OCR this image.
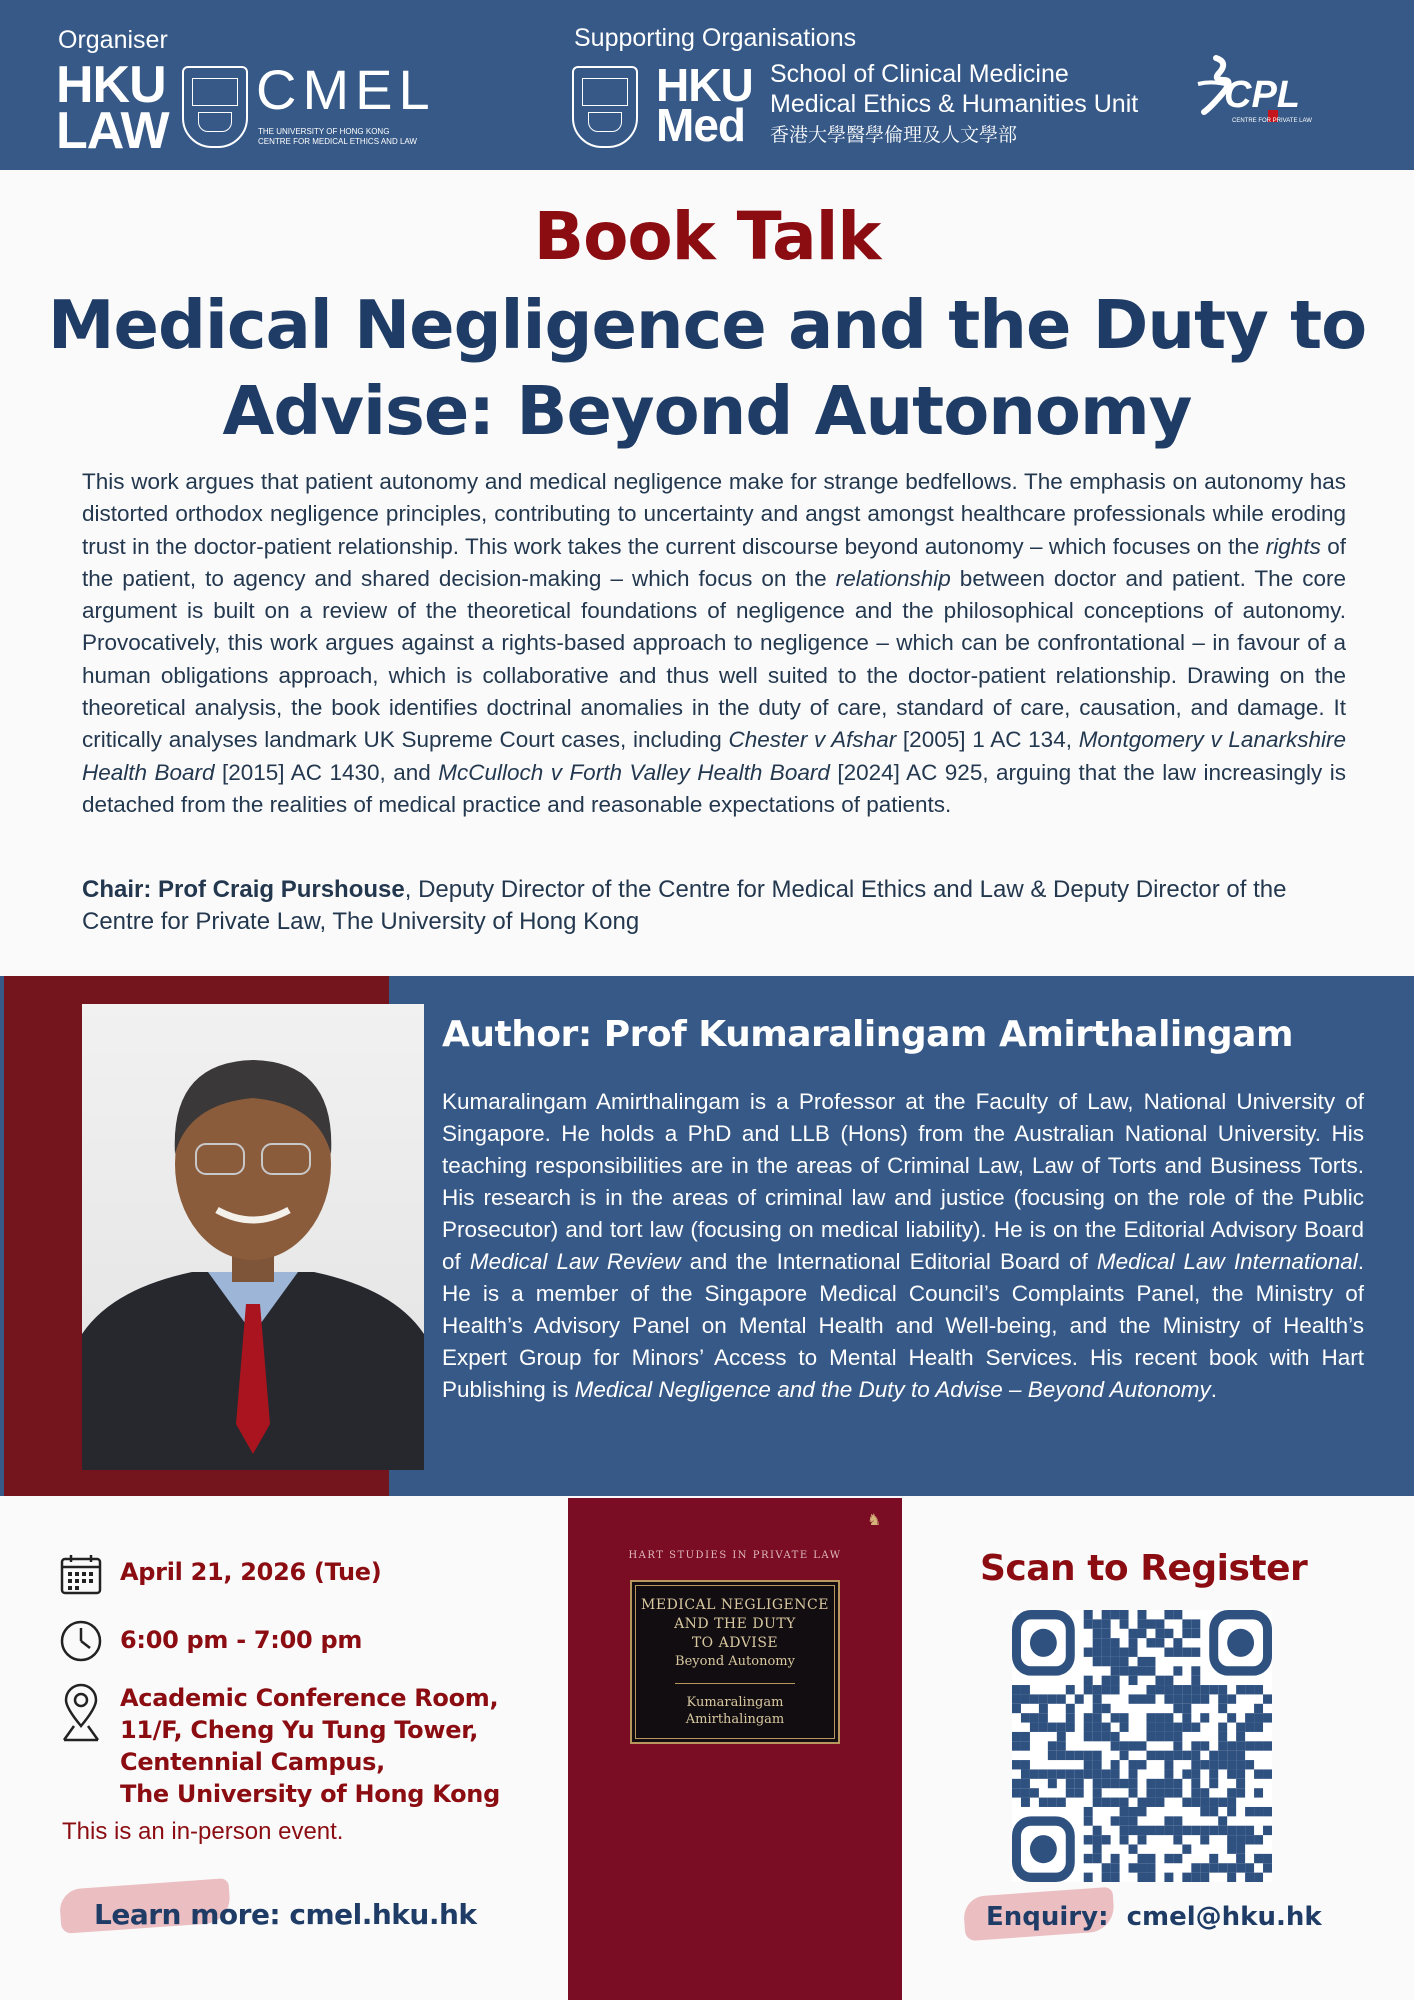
Organiser
HKU
LAW
CMEL
THE UNIVERSITY OF HONG KONG
CENTRE FOR MEDICAL ETHICS AND LAW
Supporting Organisations
HKU
Med
School of Clinical Medicine
Medical Ethics & Humanities Unit
香港大學醫學倫理及人文學部
CPL
CENTRE FOR PRIVATE LAW
Book Talk
Medical Negligence and the Duty to Advise: Beyond Autonomy
This work argues that patient autonomy and medical negligence make for strange bedfellows. The emphasis on autonomy has distorted orthodox negligence principles, contributing to uncertainty and angst amongst healthcare professionals while eroding trust in the doctor-patient relationship. This work takes the current discourse beyond autonomy – which focuses on the rights of the patient, to agency and shared decision-making – which focus on the relationship between doctor and patient. The core argument is built on a review of the theoretical foundations of negligence and the philosophical conceptions of autonomy. Provocatively, this work argues against a rights-based approach to negligence – which can be confrontational – in favour of a human obligations approach, which is collaborative and thus well suited to the doctor-patient relationship. Drawing on the theoretical analysis, the book identifies doctrinal anomalies in the duty of care, standard of care, causation, and damage. It critically analyses landmark UK Supreme Court cases, including Chester v Afshar [2005] 1 AC 134, Montgomery v Lanarkshire Health Board [2015] AC 1430, and McCulloch v Forth Valley Health Board [2024] AC 925, arguing that the law increasingly is detached from the realities of medical practice and reasonable expectations of patients.
Chair: Prof Craig Purshouse, Deputy Director of the Centre for Medical Ethics and Law & Deputy Director of the Centre for Private Law, The University of Hong Kong
Author: Prof Kumaralingam Amirthalingam
Kumaralingam Amirthalingam is a Professor at the Faculty of Law, National University of Singapore. He holds a PhD and LLB (Hons) from the Australian National University. His teaching responsibilities are in the areas of Criminal Law, Law of Torts and Business Torts. His research is in the areas of criminal law and justice (focusing on the role of the Public Prosecutor) and tort law (focusing on medical liability). He is on the Editorial Advisory Board of Medical Law Review and the International Editorial Board of Medical Law International. He is a member of the Singapore Medical Council’s Complaints Panel, the Ministry of Health’s Advisory Panel on Mental Health and Well-being, and the Ministry of Health’s Expert Group for Minors’ Access to Mental Health Services. His recent book with Hart Publishing is Medical Negligence and the Duty to Advise – Beyond Autonomy.
April 21, 2026 (Tue)
6:00 pm - 7:00 pm
Academic Conference Room,
11/F, Cheng Yu Tung Tower,
Centennial Campus,
The University of Hong Kong
This is an in-person event.
Learn more: cmel.hku.hk
♞
HART STUDIES IN PRIVATE LAW
MEDICAL NEGLIGENCE
AND THE DUTY
TO ADVISE
Beyond Autonomy
Kumaralingam
Amirthalingam
Scan to Register
Enquiry: cmel@hku.hk
